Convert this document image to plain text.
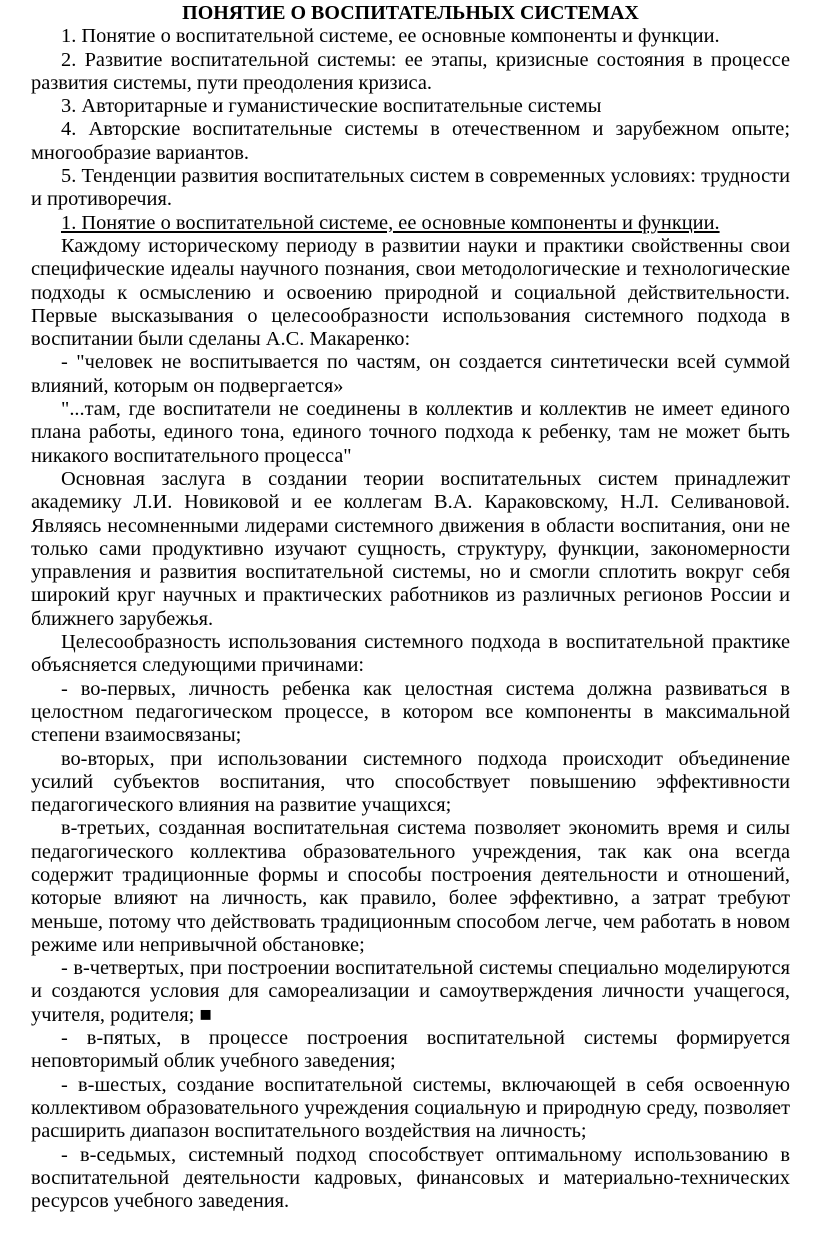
ПОНЯТИЕ О ВОСПИТАТЕЛЬНЫХ СИСТЕМАХ

1. Понятие о воспитательной системе, ее основные компоненты и функции.

2. Развитие воспитательной системы: ее этапы, кризисные состояния в процессе развития системы, пути преодоления кризиса.

3. Авторитарные и гуманистические воспитательные системы

4. Авторские воспитательные системы в отечественном и зарубежном опыте; многообразие вариантов.

5. Тенденции развития воспитательных систем в современных условиях: трудности и противоречия.

1. Понятие о воспитательной системе, ее основные компоненты и функции.

Каждому историческому периоду в развитии науки и практики свойственны свои специфические идеалы научного познания, свои методологические и технологические подходы к осмыслению и освоению природной и социальной действительности. Первые высказывания о целесообразности использования системного подхода в воспитании были сделаны А.С. Макаренко:

- "человек не воспитывается по частям, он создается синтетически всей суммой влияний, которым он подвергается»

"...там, где воспитатели не соединены в коллектив и коллектив не имеет единого плана работы, единого тона, единого точного подхода к ребенку, там не может быть никакого воспитательного процесса"

Основная заслуга в создании теории воспитательных систем принадлежит академику Л.И. Новиковой и ее коллегам В.А. Караковскому, Н.Л. Селивановой. Являясь несомненными лидерами системного движения в области воспитания, они не только сами продуктивно изучают сущность, структуру, функции, закономерности управления и развития воспитательной системы, но и смогли сплотить вокруг себя широкий круг научных и практических работников из различных регионов России и ближнего зарубежья.

Целесообразность использования системного подхода в воспитательной практике объясняется следующими причинами:

- во-первых, личность ребенка как целостная система должна развиваться в целостном педагогическом процессе, в котором все компоненты в максимальной степени взаимосвязаны;

во-вторых, при использовании системного подхода происходит объединение усилий субъектов воспитания, что способствует повышению эффективности педагогического влияния на развитие учащихся;

в-третьих, созданная воспитательная система позволяет экономить время и силы педагогического коллектива образовательного учреждения, так как она всегда содержит традиционные формы и способы построения деятельности и отношений, которые влияют на личность, как правило, более эффективно, а затрат требуют меньше, потому что действовать традиционным способом легче, чем работать в новом режиме или непривычной обстановке;

- в-четвертых, при построении воспитательной системы специально моделируются и создаются условия для самореализации и самоутверждения личности учащегося, учителя, родителя; ■

- в-пятых, в процессе построения воспитательной системы формируется неповторимый облик учебного заведения;

- в-шестых, создание воспитательной системы, включающей в себя освоенную коллективом образовательного учреждения социальную и природную среду, позволяет расширить диапазон воспитательного воздействия на личность;

- в-седьмых, системный подход способствует оптимальному использованию в воспитательной деятельности кадровых, финансовых и материально-технических ресурсов учебного заведения.
